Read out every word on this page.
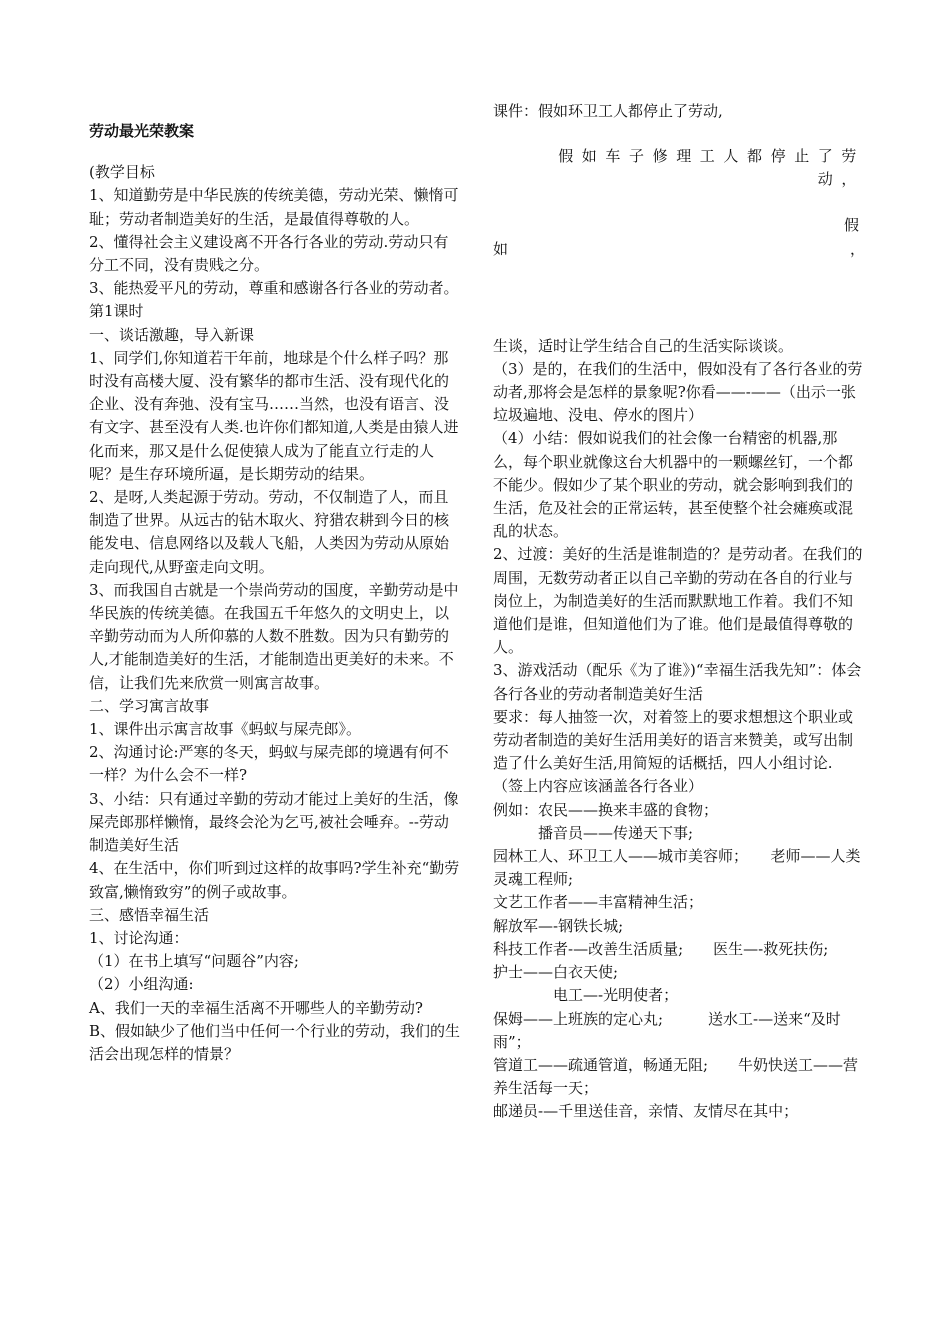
劳动最光荣教案

(教学目标

1、知道勤劳是中华民族的传统美德，劳动光荣、懒惰可耻；劳动者制造美好的生活，是最值得尊敬的人。

2、懂得社会主义建设离不开各行各业的劳动.劳动只有分工不同，没有贵贱之分。

3、能热爱平凡的劳动，尊重和感谢各行各业的劳动者。

第1课时

一、谈话激趣，导入新课

1、同学们,你知道若干年前，地球是个什么样子吗？那时没有高楼大厦、没有繁华的都市生活、没有现代化的企业、没有奔弛、没有宝马……当然，也没有语言、没有文字、甚至没有人类.也许你们都知道,人类是由猿人进化而来，那又是什么促使猿人成为了能直立行走的人呢？是生存环境所逼，是长期劳动的结果。

2、是呀,人类起源于劳动。劳动，不仅制造了人，而且制造了世界。从远古的钻木取火、狩猎农耕到今日的核能发电、信息网络以及载人飞船，人类因为劳动从原始走向现代,从野蛮走向文明。

3、而我国自古就是一个崇尚劳动的国度，辛勤劳动是中华民族的传统美德。在我国五千年悠久的文明史上，以辛勤劳动而为人所仰慕的人数不胜数。因为只有勤劳的人,才能制造美好的生活，才能制造出更美好的未来。不信，让我们先来欣赏一则寓言故事。

二、学习寓言故事

1、课件出示寓言故事《蚂蚁与屎壳郎》。

2、沟通讨论:严寒的冬天，蚂蚁与屎壳郎的境遇有何不一样？为什么会不一样?

3、小结：只有通过辛勤的劳动才能过上美好的生活，像屎壳郎那样懒惰，最终会沦为乞丐,被社会唾弃。--劳动制造美好生活

4、在生活中，你们听到过这样的故事吗?学生补充“勤劳致富,懒惰致穷”的例子或故事。

三、感悟幸福生活

1、讨论沟通：

（1）在书上填写“问题谷”内容;

（2）小组沟通:

A、我们一天的幸福生活离不开哪些人的辛勤劳动?

B、假如缺少了他们当中任何一个行业的劳动，我们的生活会出现怎样的情景？

课件：假如环卫工人都停止了劳动,

假如车子修理工人都停止了劳动，

假
如	，

生谈，适时让学生结合自己的生活实际谈谈。

（3）是的，在我们的生活中，假如没有了各行各业的劳动者,那将会是怎样的景象呢?你看——-——（出示一张垃圾遍地、没电、停水的图片）

（4）小结：假如说我们的社会像一台精密的机器,那么，每个职业就像这台大机器中的一颗螺丝钉，一个都不能少。假如少了某个职业的劳动，就会影响到我们的生活，危及社会的正常运转，甚至使整个社会瘫痪或混乱的状态。

2、过渡：美好的生活是谁制造的？是劳动者。在我们的周围，无数劳动者正以自己辛勤的劳动在各自的行业与岗位上，为制造美好的生活而默默地工作着。我们不知道他们是谁，但知道他们为了谁。他们是最值得尊敬的人。

3、游戏活动（配乐《为了谁》)“幸福生活我先知”：体会各行各业的劳动者制造美好生活

要求：每人抽签一次，对着签上的要求想想这个职业或劳动者制造的美好生活用美好的语言来赞美，或写出制造了什么美好生活,用简短的话概括，四人小组讨论.

（签上内容应该涵盖各行各业）

例如：农民——换来丰盛的食物；

　　　播音员——传递天下事;

园林工人、环卫工人——城市美容师；　　老师——人类灵魂工程师;

文艺工作者——丰富精神生活；

解放军—-钢铁长城;

科技工作者-—改善生活质量;　　医生—-救死扶伤;

护士——白衣天使;

　　　　电工—-光明使者；

保姆——上班族的定心丸;　　　送水工-—送来“及时雨”；

管道工——疏通管道，畅通无阻;　　牛奶快送工——营养生活每一天；

邮递员-—千里送佳音，亲情、友情尽在其中；
